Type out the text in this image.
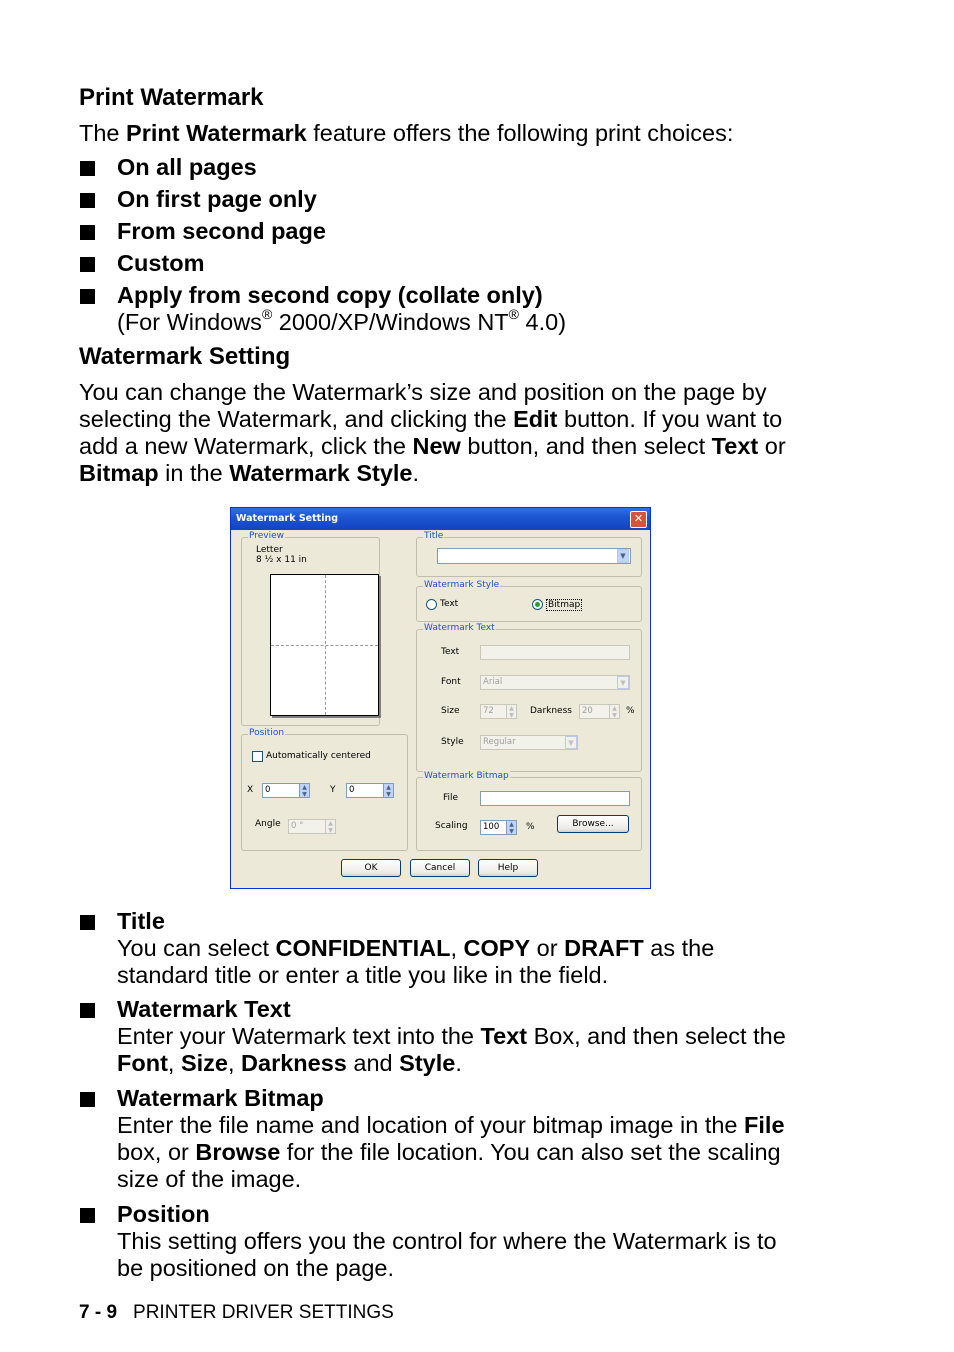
Print Watermark
The Print Watermark feature offers the following print choices:
On all pages
On first page only
From second page
Custom
Apply from second copy (collate only)
(For Windows® 2000/XP/Windows NT® 4.0)
Watermark Setting
You can change the Watermark’s size and position on the page by
selecting the Watermark, and clicking the Edit button. If you want to
add a new Watermark, click the New button, and then select Text or
Bitmap in the Watermark Style.
Watermark Setting	✕
Preview
Letter
8 ½ x 11 in
Position
Automatically centered
X	0	▲
▼	Y	0	▲
▼
Angle	0 °	▲
▼
Title
▼
Watermark Style
Text	Bitmap
Watermark Text
Text
Font	Arial	▼
Size	72	▲
▼	Darkness	20	▲
▼	%
Style	Regular	▼
Watermark Bitmap
File
Scaling	100	▲
▼	%	Browse...
OK	Cancel	Help
Title
You can select CONFIDENTIAL, COPY or DRAFT as the
standard title or enter a title you like in the field.
Watermark Text
Enter your Watermark text into the Text Box, and then select the
Font, Size, Darkness and Style.
Watermark Bitmap
Enter the file name and location of your bitmap image in the File
box, or Browse for the file location. You can also set the scaling
size of the image.
Position
This setting offers you the control for where the Watermark is to
be positioned on the page.
7 - 9 PRINTER DRIVER SETTINGS
